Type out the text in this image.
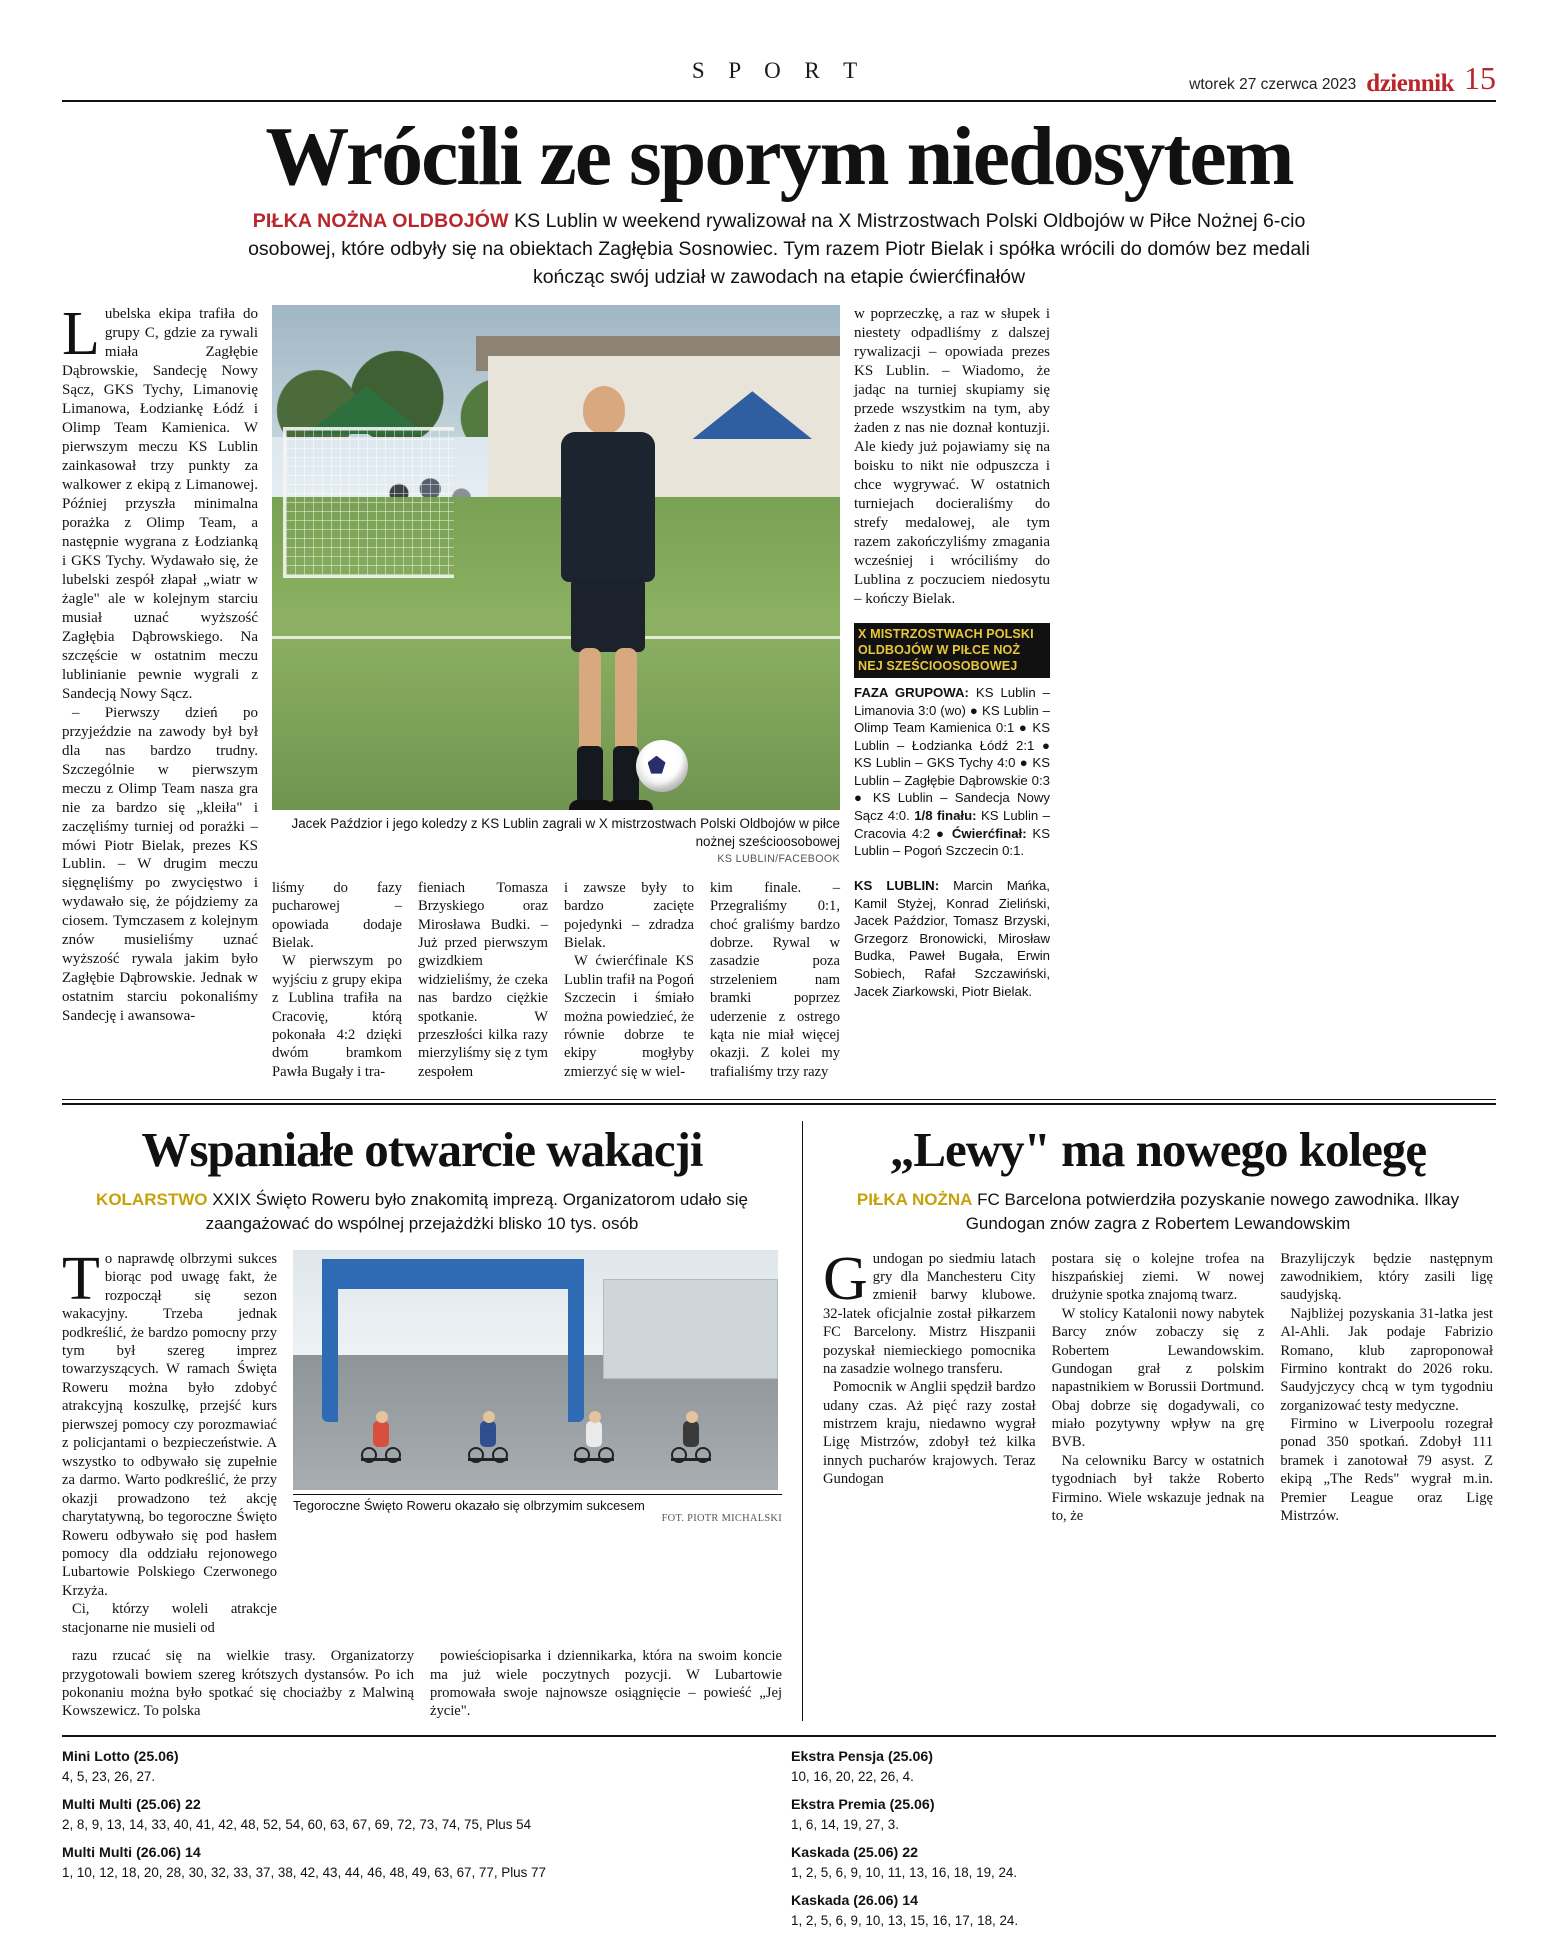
S P O R T
wtorek 27 czerwca 2023 dziennik 15
Wrócili ze sporym niedosytem
PIŁKA NOŻNA OLDBOJÓW KS Lublin w weekend rywalizował na X Mistrzostwach Polski Oldbojów w Piłce Nożnej 6-cio osobowej, które odbyły się na obiektach Zagłębia Sosnowiec. Tym razem Piotr Bielak i spółka wrócili do domów bez medali kończąc swój udział w zawodach na etapie ćwierćfinałów

Lubelska ekipa trafiła do grupy C, gdzie za rywali miała Zagłębie Dąbrowskie, Sandecję Nowy Sącz, GKS Tychy, Limanovię Limanowa, Łodziankę Łódź i Olimp Team Kamienica. W pierwszym meczu KS Lublin zainkasował trzy punkty za walkower z ekipą z Limanowej. Później przyszła minimalna porażka z Olimp Team, a następnie wygrana z Łodzianką i GKS Tychy. Wydawało się, że lubelski zespół złapał „wiatr w żagle" ale w kolejnym starciu musiał uznać wyższość Zagłębia Dąbrowskiego. Na szczęście w ostatnim meczu lublinianie pewnie wygrali z Sandecją Nowy Sącz.

– Pierwszy dzień po przyjeździe na zawody był był dla nas bardzo trudny. Szczególnie w pierwszym meczu z Olimp Team nasza gra nie za bardzo się „kleiła" i zaczęliśmy turniej od porażki – mówi Piotr Bielak, prezes KS Lublin. – W drugim meczu sięgnęliśmy po zwycięstwo i wydawało się, że pójdziemy za ciosem. Tymczasem z kolejnym znów musieliśmy uznać wyższość rywala jakim było Zagłębie Dąbrowskie. Jednak w ostatnim starciu pokonaliśmy Sandecję i awansowa-

Jacek Paździor i jego koledzy z KS Lublin zagrali w X mistrzostwach Polski Oldbojów w piłce nożnej sześcioosobowej
KS LUBLIN/FACEBOOK

liśmy do fazy pucharowej – opowiada dodaje Bielak.

W pierwszym po wyjściu z grupy ekipa z Lublina trafiła na Cracovię, którą pokonała 4:2 dzięki dwóm bramkom Pawła Bugały i tra-

fieniach Tomasza Brzyskiego oraz Mirosława Budki. – Już przed pierwszym gwizdkiem widzieliśmy, że czeka nas bardzo ciężkie spotkanie. W przeszłości kilka razy mierzyliśmy się z tym zespołem

i zawsze były to bardzo zacięte pojedynki – zdradza Bielak.

W ćwierćfinale KS Lublin trafił na Pogoń Szczecin i śmiało można powiedzieć, że równie dobrze te ekipy mogłyby zmierzyć się w wiel-

kim finale. – Przegraliśmy 0:1, choć graliśmy bardzo dobrze. Rywal w zasadzie poza strzeleniem nam bramki poprzez uderzenie z ostrego kąta nie miał więcej okazji. Z kolei my trafialiśmy trzy razy

w poprzeczkę, a raz w słupek i niestety odpadliśmy z dalszej rywalizacji – opowiada prezes KS Lublin. – Wiadomo, że jadąc na turniej skupiamy się przede wszystkim na tym, aby żaden z nas nie doznał kontuzji. Ale kiedy już pojawiamy się na boisku to nikt nie odpuszcza i chce wygrywać. W ostatnich turniejach docieraliśmy do strefy medalowej, ale tym razem zakończyliśmy zmagania wcześniej i wróciliśmy do Lublina z poczuciem niedosytu – kończy Bielak.

X MISTRZOSTWACH POLSKI
OLDBOJÓW W PIŁCE NOŻ
NEJ SZEŚCIOOSOBOWEJ
FAZA GRUPOWA: KS Lublin – Limanovia 3:0 (wo) ● KS Lublin – Olimp Team Kamienica 0:1 ● KS Lublin – Łodzianka Łódź 2:1 ● KS Lublin – GKS Tychy 4:0 ● KS Lublin – Zagłębie Dąbrowskie 0:3 ● KS Lublin – Sandecja Nowy Sącz 4:0. 1/8 finału: KS Lublin – Cracovia 4:2 ● Ćwierćfinał: KS Lublin – Pogoń Szczecin 0:1.

KS LUBLIN: Marcin Mańka, Kamil Styżej, Konrad Zieliński, Jacek Paździor, Tomasz Brzyski, Grzegorz Bronowicki, Mirosław Budka, Paweł Bugała, Erwin Sobiech, Rafał Szczawiński, Jacek Ziarkowski, Piotr Bielak.
Wspaniałe otwarcie wakacji
KOLARSTWO XXIX Święto Roweru było znakomitą imprezą. Organizatorom udało się zaangażować do wspólnej przejażdżki blisko 10 tys. osób

To naprawdę olbrzymi sukces biorąc pod uwagę fakt, że rozpoczął się sezon wakacyjny. Trzeba jednak podkreślić, że bardzo pomocny przy tym był szereg imprez towarzyszących. W ramach Święta Roweru można było zdobyć atrakcyjną koszulkę, przejść kurs pierwszej pomocy czy porozmawiać z policjantami o bezpieczeństwie. A wszystko to odbywało się zupełnie za darmo. Warto podkreślić, że przy okazji prowadzono też akcję charytatywną, bo tegoroczne Święto Roweru odbywało się pod hasłem pomocy dla oddziału rejonowego Lubartowie Polskiego Czerwonego Krzyża.

Ci, którzy woleli atrakcje stacjonarne nie musieli od

Tegoroczne Święto Roweru okazało się olbrzymim sukcesem
FOT. PIOTR MICHALSKI

razu rzucać się na wielkie trasy. Organizatorzy przygotowali bowiem szereg krótszych dystansów. Po ich pokonaniu można było spotkać się chociażby z Malwiną Kowszewicz. To polska

powieściopisarka i dziennikarka, która na swoim koncie ma już wiele poczytnych pozycji. W Lubartowie promowała swoje najnowsze osiągnięcie – powieść „Jej życie".

„Lewy" ma nowego kolegę
PIŁKA NOŻNA FC Barcelona potwierdziła pozyskanie nowego zawodnika. Ilkay Gundogan znów zagra z Robertem Lewandowskim

Gundogan po siedmiu latach gry dla Manchesteru City zmienił barwy klubowe. 32-latek oficjalnie został piłkarzem FC Barcelony. Mistrz Hiszpanii pozyskał niemieckiego pomocnika na zasadzie wolnego transferu.

Pomocnik w Anglii spędził bardzo udany czas. Aż pięć razy został mistrzem kraju, niedawno wygrał Ligę Mistrzów, zdobył też kilka innych pucharów krajowych. Teraz Gundogan

postara się o kolejne trofea na hiszpańskiej ziemi. W nowej drużynie spotka znajomą twarz.

W stolicy Katalonii nowy nabytek Barcy znów zobaczy się z Robertem Lewandowskim. Gundogan grał z polskim napastnikiem w Borussii Dortmund. Obaj dobrze się dogadywali, co miało pozytywny wpływ na grę BVB.

Na celowniku Barcy w ostatnich tygodniach był także Roberto Firmino. Wiele wskazuje jednak na to, że

Brazylijczyk będzie następnym zawodnikiem, który zasili ligę saudyjską.

Najbliżej pozyskania 31-latka jest Al-Ahli. Jak podaje Fabrizio Romano, klub zaproponował Firmino kontrakt do 2026 roku. Saudyjczycy chcą w tym tygodniu zorganizować testy medyczne.

Firmino w Liverpoolu rozegrał ponad 350 spotkań. Zdobył 111 bramek i zanotował 79 asyst. Z ekipą „The Reds" wygrał m.in. Premier League oraz Ligę Mistrzów.

Mini Lotto (25.06)
4, 5, 23, 26, 27.
Multi Multi (25.06) 22
2, 8, 9, 13, 14, 33, 40, 41, 42, 48, 52, 54, 60, 63, 67, 69, 72, 73, 74, 75, Plus 54
Multi Multi (26.06) 14
1, 10, 12, 18, 20, 28, 30, 32, 33, 37, 38, 42, 43, 44, 46, 48, 49, 63, 67, 77, Plus 77
Ekstra Pensja (25.06)
10, 16, 20, 22, 26, 4.
Ekstra Premia (25.06)
1, 6, 14, 19, 27, 3.
Kaskada (25.06) 22
1, 2, 5, 6, 9, 10, 11, 13, 16, 18, 19, 24.
Kaskada (26.06) 14
1, 2, 5, 6, 9, 10, 13, 15, 16, 17, 18, 24.
